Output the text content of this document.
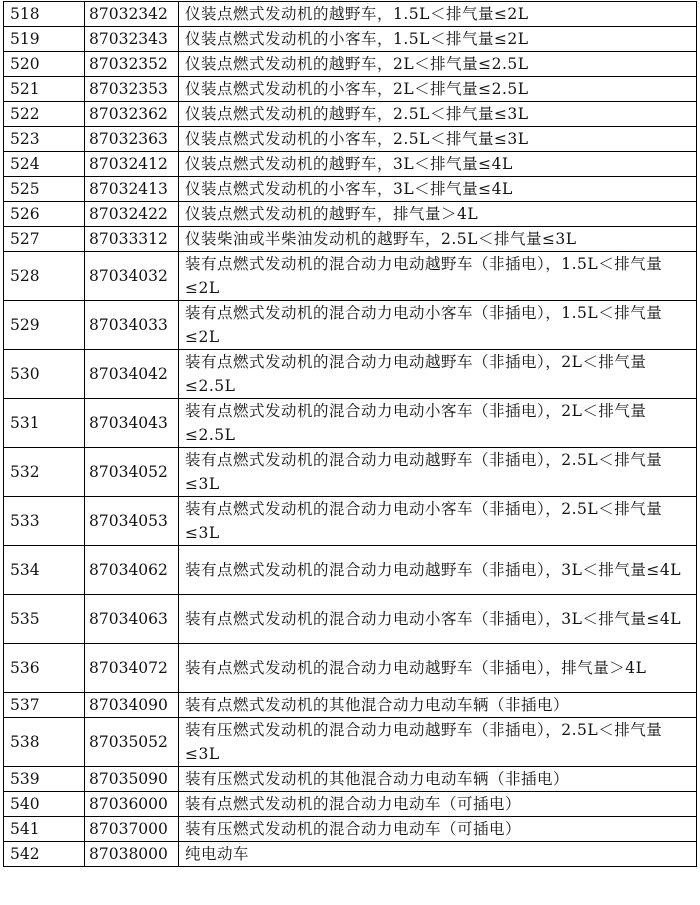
518	87032342	仪装点燃式发动机的越野车，1.5L＜排气量≤2L
519	87032343	仪装点燃式发动机的小客车，1.5L＜排气量≤2L
520	87032352	仪装点燃式发动机的越野车，2L＜排气量≤2.5L
521	87032353	仪装点燃式发动机的小客车，2L＜排气量≤2.5L
522	87032362	仪装点燃式发动机的越野车，2.5L＜排气量≤3L
523	87032363	仪装点燃式发动机的小客车，2.5L＜排气量≤3L
524	87032412	仪装点燃式发动机的越野车，3L＜排气量≤4L
525	87032413	仪装点燃式发动机的小客车，3L＜排气量≤4L
526	87032422	仪装点燃式发动机的越野车，排气量＞4L
527	87033312	仪装柴油或半柴油发动机的越野车，2.5L＜排气量≤3L
528	87034032	装有点燃式发动机的混合动力电动越野车（非插电），1.5L＜排气量≤2L
529	87034033	装有点燃式发动机的混合动力电动小客车（非插电），1.5L＜排气量≤2L
530	87034042	装有点燃式发动机的混合动力电动越野车（非插电），2L＜排气量≤2.5L
531	87034043	装有点燃式发动机的混合动力电动小客车（非插电），2L＜排气量≤2.5L
532	87034052	装有点燃式发动机的混合动力电动越野车（非插电），2.5L＜排气量≤3L
533	87034053	装有点燃式发动机的混合动力电动小客车（非插电），2.5L＜排气量≤3L
534	87034062	装有点燃式发动机的混合动力电动越野车（非插电），3L＜排气量≤4L
535	87034063	装有点燃式发动机的混合动力电动小客车（非插电），3L＜排气量≤4L
536	87034072	装有点燃式发动机的混合动力电动越野车（非插电），排气量＞4L
537	87034090	装有点燃式发动机的其他混合动力电动车辆（非插电）
538	87035052	装有压燃式发动机的混合动力电动越野车（非插电），2.5L＜排气量≤3L
539	87035090	装有压燃式发动机的其他混合动力电动车辆（非插电）
540	87036000	装有点燃式发动机的混合动力电动车（可插电）
541	87037000	装有压燃式发动机的混合动力电动车（可插电）
542	87038000	纯电动车
